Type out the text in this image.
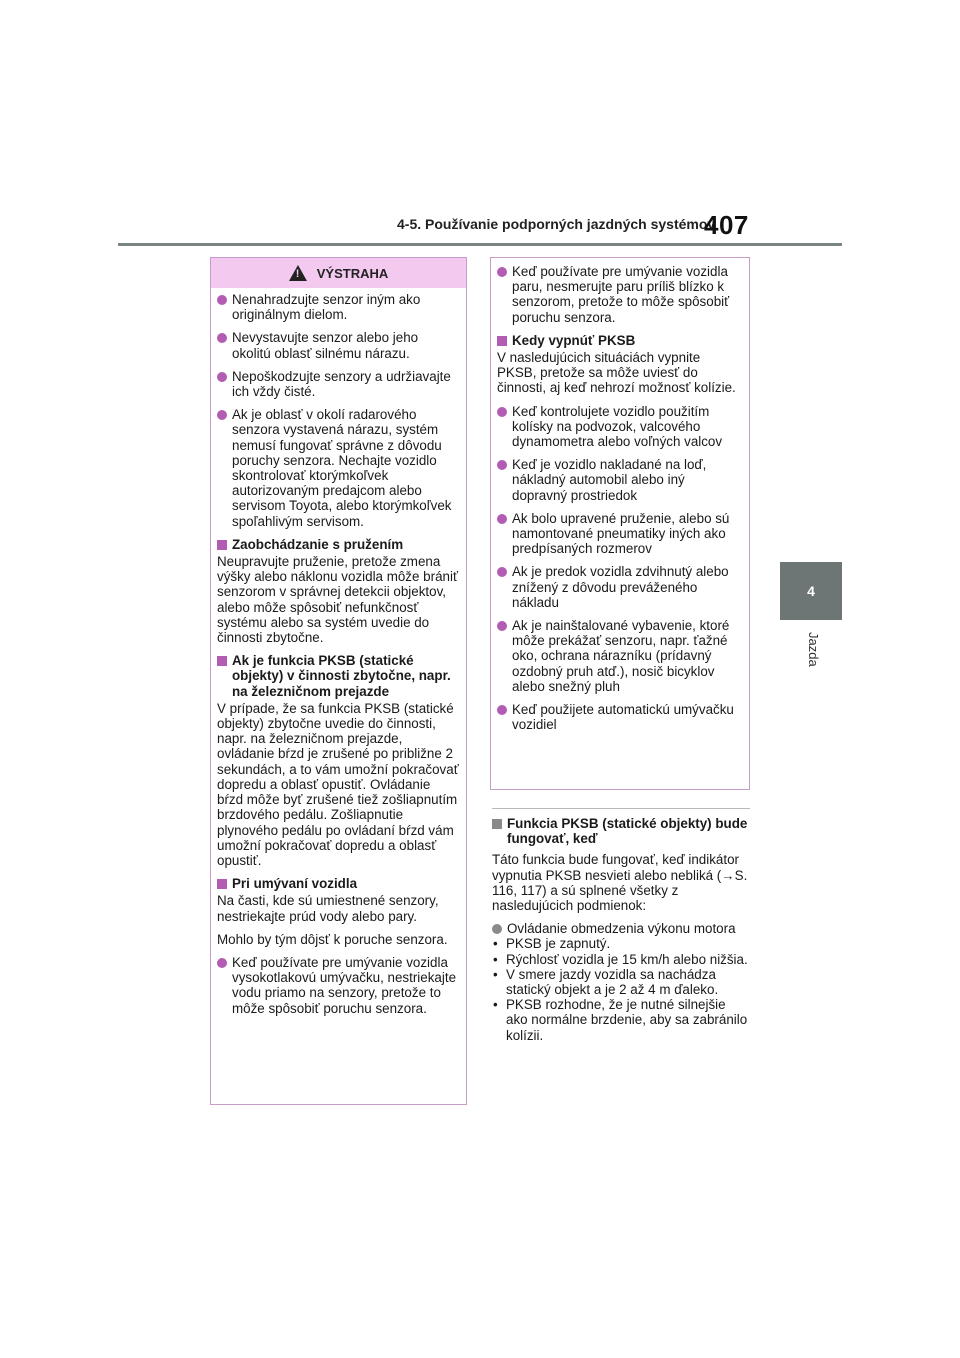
4-5. Používanie podporných jazdných systémov
407
4
Jazda
!
VÝSTRAHA
Nenahradzujte senzor iným ako originálnym dielom.
Nevystavujte senzor alebo jeho okolitú oblasť silnému nárazu.
Nepoškodzujte senzory a udržiavajte ich vždy čisté.
Ak je oblasť v okolí radarového senzora vystavená nárazu, systém nemusí fungovať správne z dôvodu poruchy senzora. Nechajte vozidlo skontrolovať ktorýmkoľvek autorizovaným predajcom alebo servisom Toyota, alebo ktorýmkoľvek spoľahlivým servisom.
Zaobchádzanie s pružením
Neupravujte pruženie, pretože zmena výšky alebo náklonu vozidla môže brániť senzorom v správnej detekcii objektov, alebo môže spôsobiť nefunkčnosť systému alebo sa systém uvedie do činnosti zbytočne.
Ak je funkcia PKSB (statické objekty) v činnosti zbytočne, napr. na železničnom prejazde
V prípade, že sa funkcia PKSB (statické objekty) zbytočne uvedie do činnosti, napr. na železničnom prejazde, ovládanie bŕzd je zrušené po približne 2 sekundách, a to vám umožní pokračovať dopredu a oblasť opustiť. Ovládanie bŕzd môže byť zrušené tiež zošliapnutím brzdového pedálu. Zošliapnutie plynového pedálu po ovládaní bŕzd vám umožní pokračovať dopredu a oblasť opustiť.
Pri umývaní vozidla
Na časti, kde sú umiestnené senzory, nestriekajte prúd vody alebo pary.
Mohlo by tým dôjsť k poruche senzora.
Keď používate pre umývanie vozidla vysokotlakovú umývačku, nestriekajte vodu priamo na senzory, pretože to môže spôsobiť poruchu senzora.
Keď používate pre umývanie vozidla paru, nesmerujte paru príliš blízko k senzorom, pretože to môže spôsobiť poruchu senzora.
Kedy vypnúť PKSB
V nasledujúcich situáciách vypnite PKSB, pretože sa môže uviesť do činnosti, aj keď nehrozí možnosť kolízie.
Keď kontrolujete vozidlo použitím kolísky na podvozok, valcového dynamometra alebo voľných valcov
Keď je vozidlo nakladané na loď, nákladný automobil alebo iný dopravný prostriedok
Ak bolo upravené pruženie, alebo sú namontované pneumatiky iných ako predpísaných rozmerov
Ak je predok vozidla zdvihnutý alebo znížený z dôvodu preváženého nákladu
Ak je nainštalované vybavenie, ktoré môže prekážať senzoru, napr. ťažné oko, ochrana nárazníku (prídavný ozdobný pruh atď.), nosič bicyklov alebo snežný pluh
Keď použijete automatickú umývačku vozidiel
Funkcia PKSB (statické objekty) bude fungovať, keď
Táto funkcia bude fungovať, keď indikátor vypnutia PKSB nesvieti alebo nebliká (→S. 116, 117) a sú splnené všetky z nasledujúcich podmienok:
Ovládanie obmedzenia výkonu motora
• PKSB je zapnutý.
• Rýchlosť vozidla je 15 km/h alebo nižšia.
• V smere jazdy vozidla sa nachádza statický objekt a je 2 až 4 m ďaleko.
• PKSB rozhodne, že je nutné silnejšie ako normálne brzdenie, aby sa zabránilo kolízii.
